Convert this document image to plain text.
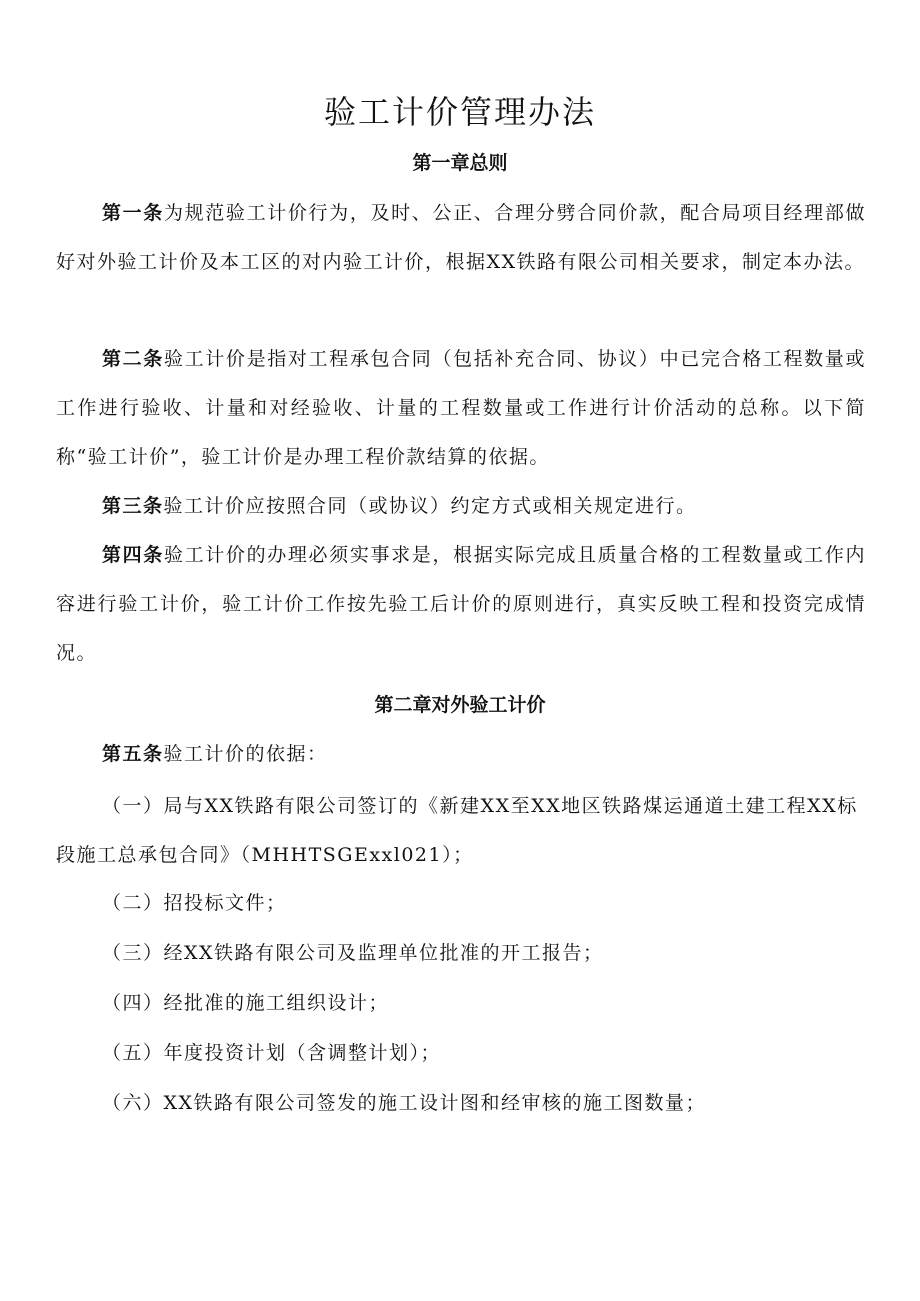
验工计价管理办法
第一章总则
第一条为规范验工计价行为，及时、公正、合理分劈合同价款，配合局项目经理部做好对外验工计价及本工区的对内验工计价，根据XX铁路有限公司相关要求，制定本办法。
第二条验工计价是指对工程承包合同（包括补充合同、协议）中已完合格工程数量或工作进行验收、计量和对经验收、计量的工程数量或工作进行计价活动的总称。以下简称“验工计价”，验工计价是办理工程价款结算的依据。
第三条验工计价应按照合同（或协议）约定方式或相关规定进行。
第四条验工计价的办理必须实事求是，根据实际完成且质量合格的工程数量或工作内容进行验工计价，验工计价工作按先验工后计价的原则进行，真实反映工程和投资完成情况。
第二章对外验工计价
第五条验工计价的依据：
（一）局与XX铁路有限公司签订的《新建XX至XX地区铁路煤运通道土建工程XX标段施工总承包合同》（MHHTSGExxl021）；
（二）招投标文件；
（三）经XX铁路有限公司及监理单位批准的开工报告；
（四）经批准的施工组织设计；
（五）年度投资计划（含调整计划）；
（六）XX铁路有限公司签发的施工设计图和经审核的施工图数量；
